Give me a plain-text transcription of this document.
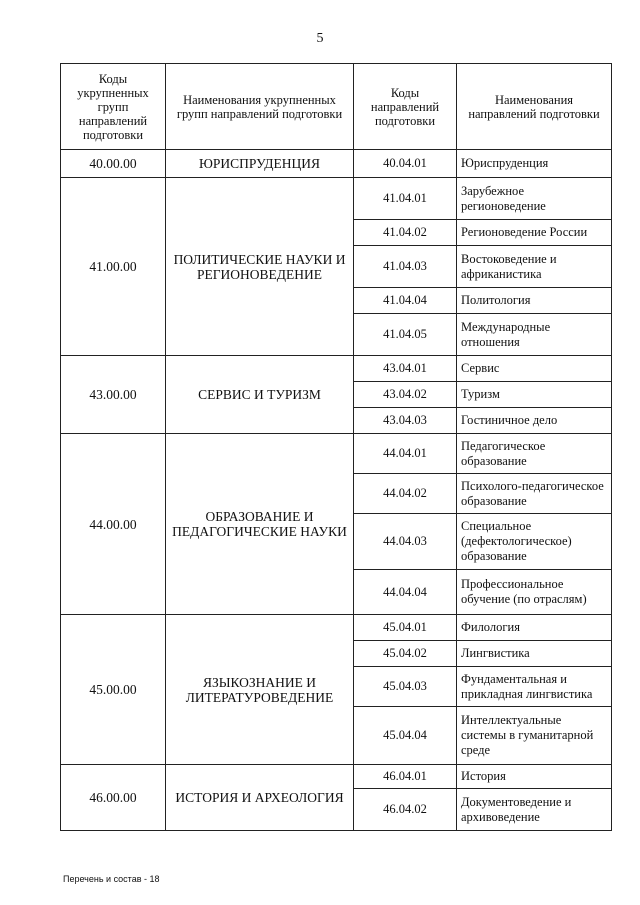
5
Коды укрупненных групп направлений подготовки	Наименования укрупненных групп направлений подготовки	Коды направлений подготовки	Наименования направлений подготовки
40.00.00	ЮРИСПРУДЕНЦИЯ	40.04.01	Юриспруденция
41.00.00	ПОЛИТИЧЕСКИЕ НАУКИ И РЕГИОНОВЕДЕНИЕ	41.04.01	Зарубежное регионоведение
		41.04.02	Регионоведение России
		41.04.03	Востоковедение и африканистика
		41.04.04	Политология
		41.04.05	Международные отношения
43.00.00	СЕРВИС И ТУРИЗМ	43.04.01	Сервис
		43.04.02	Туризм
		43.04.03	Гостиничное дело
44.00.00	ОБРАЗОВАНИЕ И ПЕДАГОГИЧЕСКИЕ НАУКИ	44.04.01	Педагогическое образование
		44.04.02	Психолого-педагогическое образование
		44.04.03	Специальное (дефектологическое) образование
		44.04.04	Профессиональное обучение (по отраслям)
45.00.00	ЯЗЫКОЗНАНИЕ И ЛИТЕРАТУРОВЕДЕНИЕ	45.04.01	Филология
		45.04.02	Лингвистика
		45.04.03	Фундаментальная и прикладная лингвистика
		45.04.04	Интеллектуальные системы в гуманитарной среде
46.00.00	ИСТОРИЯ И АРХЕОЛОГИЯ	46.04.01	История
		46.04.02	Документоведение и архивоведение
Перечень и состав - 18
